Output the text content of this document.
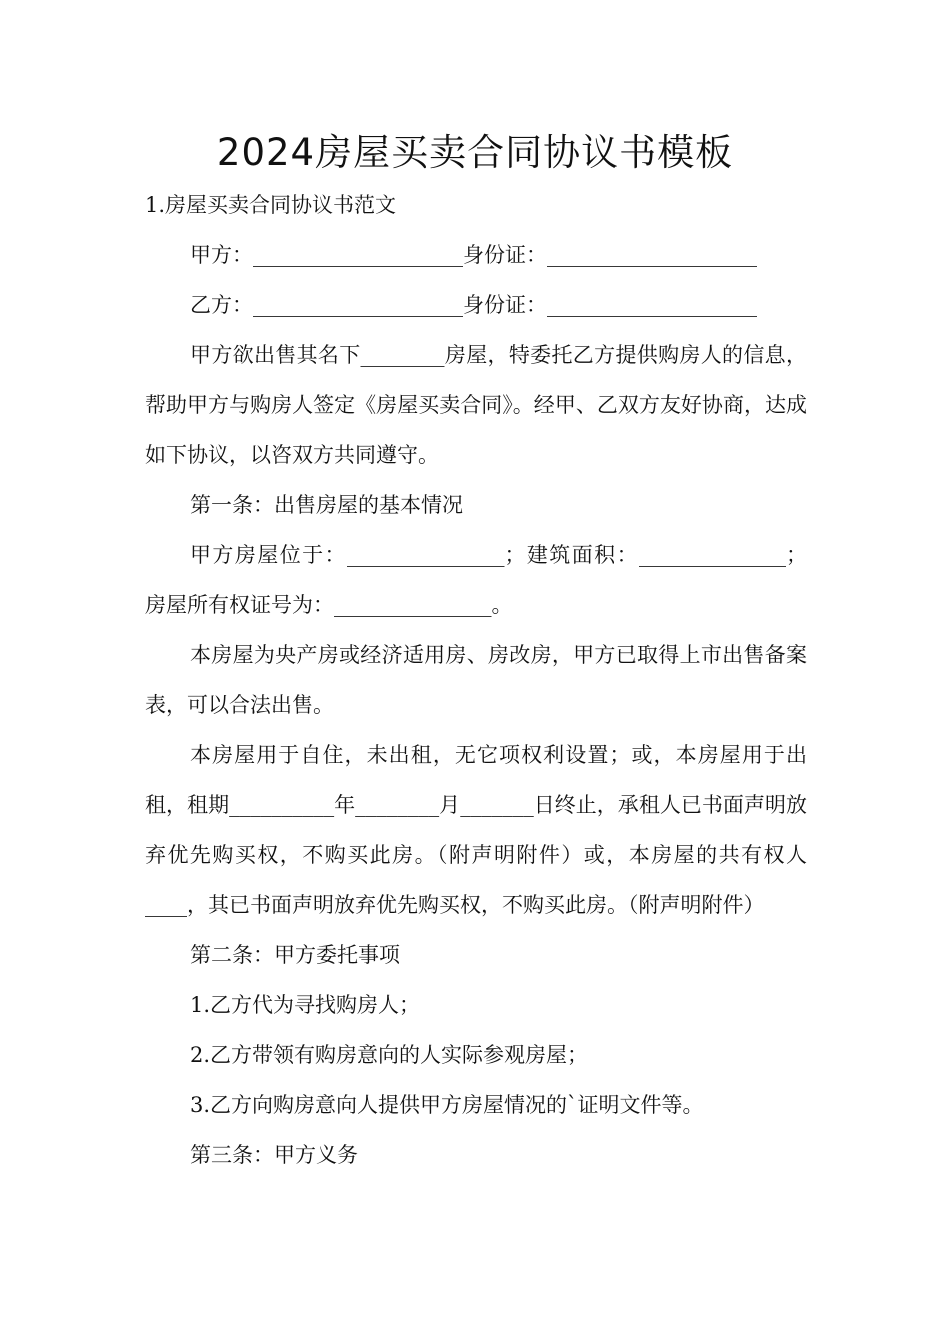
2024房屋买卖合同协议书模板

1.房屋买卖合同协议书范文

甲方：____________________身份证：____________________

乙方：____________________身份证：____________________

甲方欲出售其名下________房屋，特委托乙方提供购房人的信息，帮助甲方与购房人签定《房屋买卖合同》。经甲、乙双方友好协商，达成如下协议，以咨双方共同遵守。

第一条：出售房屋的基本情况

甲方房屋位于：_______________；建筑面积：______________；房屋所有权证号为：_______________。

本房屋为央产房或经济适用房、房改房，甲方已取得上市出售备案表，可以合法出售。

本房屋用于自住，未出租，无它项权利设置；或，本房屋用于出租，租期__________年________月_______日终止，承租人已书面声明放弃优先购买权，不购买此房。（附声明附件）或，本房屋的共有权人____，其已书面声明放弃优先购买权，不购买此房。（附声明附件）

第二条：甲方委托事项

1.乙方代为寻找购房人；

2.乙方带领有购房意向的人实际参观房屋；

3.乙方向购房意向人提供甲方房屋情况的`证明文件等。

第三条：甲方义务
